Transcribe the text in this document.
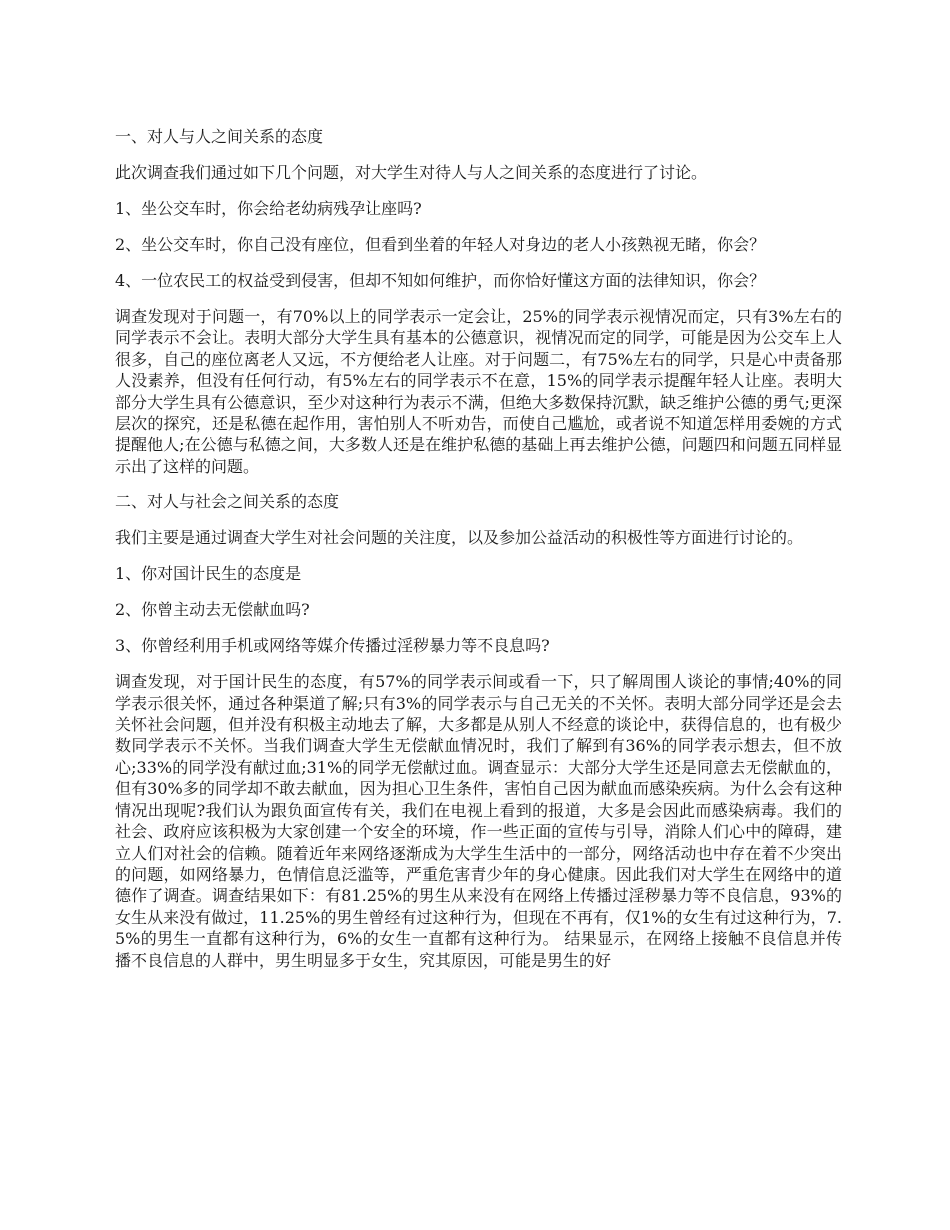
一、对人与人之间关系的态度

此次调查我们通过如下几个问题，对大学生对待人与人之间关系的态度进行了讨论。

1、坐公交车时，你会给老幼病残孕让座吗?

2、坐公交车时，你自己没有座位，但看到坐着的年轻人对身边的老人小孩熟视无睹，你会？

4、一位农民工的权益受到侵害，但却不知如何维护，而你恰好懂这方面的法律知识，你会？

调查发现对于问题一，有70%以上的同学表示一定会让，25%的同学表示视情况而定，只有3%左右的同学表示不会让。表明大部分大学生具有基本的公德意识，视情况而定的同学，可能是因为公交车上人很多，自己的座位离老人又远，不方便给老人让座。对于问题二，有75%左右的同学，只是心中责备那人没素养，但没有任何行动，有5%左右的同学表示不在意，15%的同学表示提醒年轻人让座。表明大部分大学生具有公德意识，至少对这种行为表示不满，但绝大多数保持沉默，缺乏维护公德的勇气;更深层次的探究，还是私德在起作用，害怕别人不听劝告，而使自己尴尬，或者说不知道怎样用委婉的方式提醒他人;在公德与私德之间，大多数人还是在维护私德的基础上再去维护公德，问题四和问题五同样显示出了这样的问题。

二、对人与社会之间关系的态度

我们主要是通过调查大学生对社会问题的关注度，以及参加公益活动的积极性等方面进行讨论的。

1、你对国计民生的态度是

2、你曾主动去无偿献血吗?

3、你曾经利用手机或网络等媒介传播过淫秽暴力等不良息吗?

调查发现，对于国计民生的态度，有57%的同学表示间或看一下，只了解周围人谈论的事情;40%的同学表示很关怀，通过各种渠道了解;只有3%的同学表示与自己无关的不关怀。表明大部分同学还是会去关怀社会问题，但并没有积极主动地去了解，大多都是从别人不经意的谈论中，获得信息的，也有极少数同学表示不关怀。当我们调查大学生无偿献血情况时，我们了解到有36%的同学表示想去，但不放心;33%的同学没有献过血;31%的同学无偿献过血。调查显示：大部分大学生还是同意去无偿献血的，但有30%多的同学却不敢去献血，因为担心卫生条件，害怕自己因为献血而感染疾病。为什么会有这种情况出现呢?我们认为跟负面宣传有关，我们在电视上看到的报道，大多是会因此而感染病毒。我们的社会、政府应该积极为大家创建一个安全的环境，作一些正面的宣传与引导，消除人们心中的障碍，建立人们对社会的信赖。随着近年来网络逐渐成为大学生生活中的一部分，网络活动也中存在着不少突出的问题，如网络暴力，色情信息泛滥等，严重危害青少年的身心健康。因此我们对大学生在网络中的道德作了调查。调查结果如下：有81.25%的男生从来没有在网络上传播过淫秽暴力等不良信息，93%的女生从来没有做过，11.25%的男生曾经有过这种行为，但现在不再有，仅1%的女生有过这种行为，7.5%的男生一直都有这种行为，6%的女生一直都有这种行为。 结果显示，在网络上接触不良信息并传播不良信息的人群中，男生明显多于女生，究其原因，可能是男生的好
